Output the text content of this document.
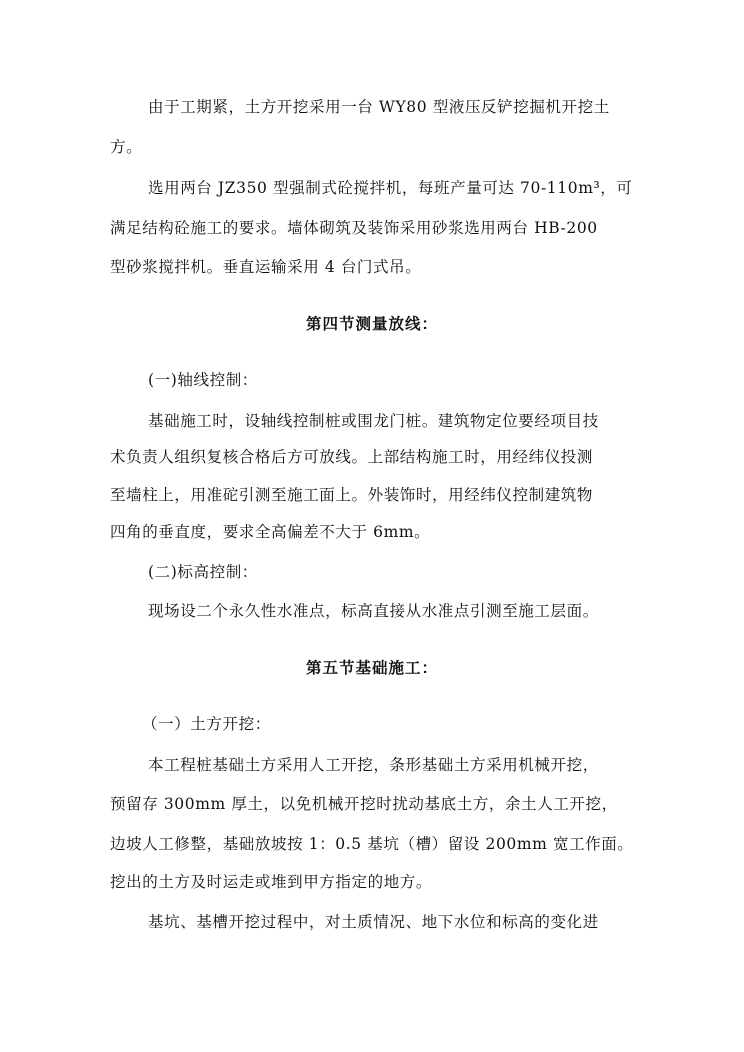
由于工期紧，土方开挖采用一台 WY80 型液压反铲挖掘机开挖土

方。

选用两台 JZ350 型强制式砼搅拌机，每班产量可达 70-110m³，可

满足结构砼施工的要求。墙体砌筑及装饰采用砂浆选用两台 HB-200

型砂浆搅拌机。垂直运输采用 4 台门式吊。

第四节测量放线：

(一)轴线控制：

基础施工时，设轴线控制桩或围龙门桩。建筑物定位要经项目技

术负责人组织复核合格后方可放线。上部结构施工时，用经纬仪投测

至墙柱上，用准砣引测至施工面上。外装饰时，用经纬仪控制建筑物

四角的垂直度，要求全高偏差不大于 6mm。

(二)标高控制：

现场设二个永久性水准点，标高直接从水准点引测至施工层面。

第五节基础施工：

（一）土方开挖：

本工程桩基础土方采用人工开挖，条形基础土方采用机械开挖，

预留存 300mm 厚土，以免机械开挖时扰动基底土方，余土人工开挖，

边坡人工修整，基础放坡按 1：0.5 基坑（槽）留设 200mm 宽工作面。

挖出的土方及时运走或堆到甲方指定的地方。

基坑、基槽开挖过程中，对土质情况、地下水位和标高的变化进
